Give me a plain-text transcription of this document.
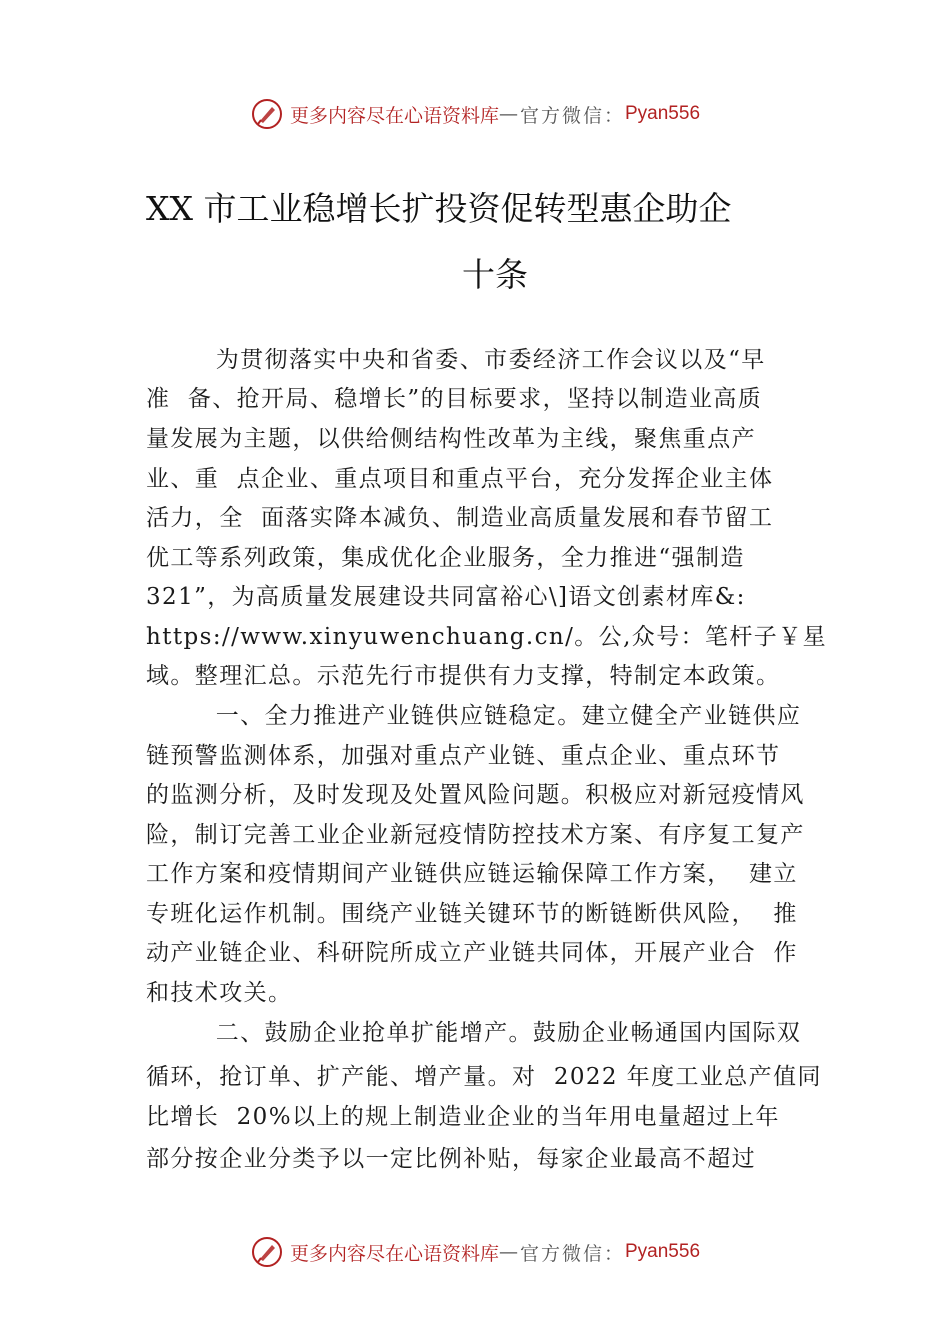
更多内容尽在心语资料库 — 官方微信： Pyan556
XX 市工业稳增长扩投资促转型惠企助企
十条
为贯彻落实中央和省委、市委经济工作会议以及“早
准  备、抢开局、稳增长”的目标要求，坚持以制造业高质
量发展为主题，以供给侧结构性改革为主线，聚焦重点产
业、重  点企业、重点项目和重点平台，充分发挥企业主体
活力，全  面落实降本减负、制造业高质量发展和春节留工
优工等系列政策，集成优化企业服务，全力推进“强制造
321”，为高质量发展建设共同富裕心\]语文创素材库&:
https://www.xinyuwenchuang.cn/。公,众号：笔杆子￥星
域。整理汇总。示范先行市提供有力支撑，特制定本政策。
一、全力推进产业链供应链稳定。建立健全产业链供应
链预警监测体系，加强对重点产业链、重点企业、重点环节
的监测分析，及时发现及处置风险问题。积极应对新冠疫情风
险，制订完善工业企业新冠疫情防控技术方案、有序复工复产
工作方案和疫情期间产业链供应链运输保障工作方案，  建立
专班化运作机制。围绕产业链关键环节的断链断供风险，  推
动产业链企业、科研院所成立产业链共同体，开展产业合  作
和技术攻关。
二、鼓励企业抢单扩能增产。鼓励企业畅通国内国际双
循环，抢订单、扩产能、增产量。对  2022 年度工业总产值同
比增长  20%以上的规上制造业企业的当年用电量超过上年
部分按企业分类予以一定比例补贴，每家企业最高不超过
更多内容尽在心语资料库 — 官方微信： Pyan556
